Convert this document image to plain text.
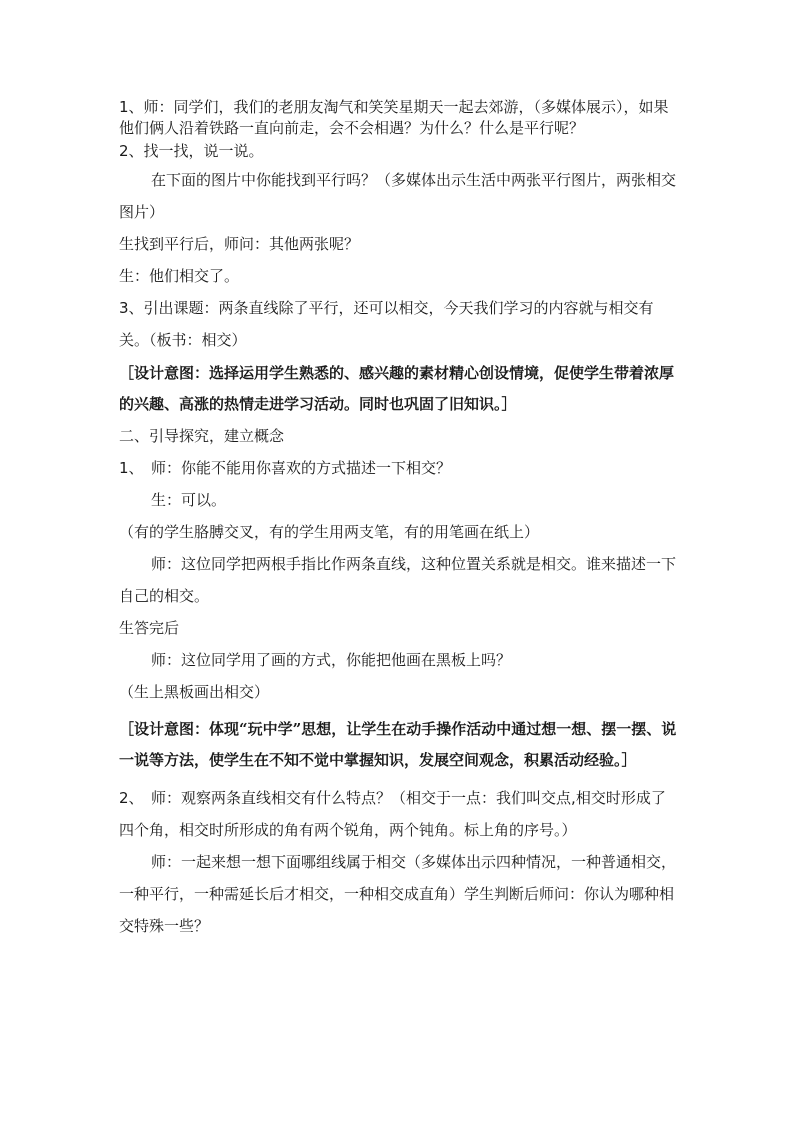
1、师：同学们，我们的老朋友淘气和笑笑星期天一起去郊游，（多媒体展示），如果他们俩人沿着铁路一直向前走，会不会相遇？为什么？什么是平行呢？

2、找一找，说一说。

在下面的图片中你能找到平行吗？（多媒体出示生活中两张平行图片，两张相交图片）

生找到平行后，师问：其他两张呢？

生：他们相交了。

3、引出课题：两条直线除了平行，还可以相交，今天我们学习的内容就与相交有关。（板书：相交）

［设计意图：选择运用学生熟悉的、感兴趣的素材精心创设情境，促使学生带着浓厚的兴趣、高涨的热情走进学习活动。同时也巩固了旧知识。］

二、引导探究，建立概念

1、　师：你能不能用你喜欢的方式描述一下相交？

生：可以。

（有的学生胳膊交叉，有的学生用两支笔，有的用笔画在纸上）

师：这位同学把两根手指比作两条直线，这种位置关系就是相交。谁来描述一下自己的相交。

生答完后

师：这位同学用了画的方式，你能把他画在黑板上吗？

（生上黑板画出相交）

［设计意图：体现“玩中学”思想，让学生在动手操作活动中通过想一想、摆一摆、说一说等方法，使学生在不知不觉中掌握知识，发展空间观念，积累活动经验。］

2、　师：观察两条直线相交有什么特点？（相交于一点：我们叫交点,相交时形成了四个角，相交时所形成的角有两个锐角，两个钝角。标上角的序号。）

师：一起来想一想下面哪组线属于相交（多媒体出示四种情况，一种普通相交，一种平行，一种需延长后才相交，一种相交成直角）学生判断后师问：你认为哪种相交特殊一些？
